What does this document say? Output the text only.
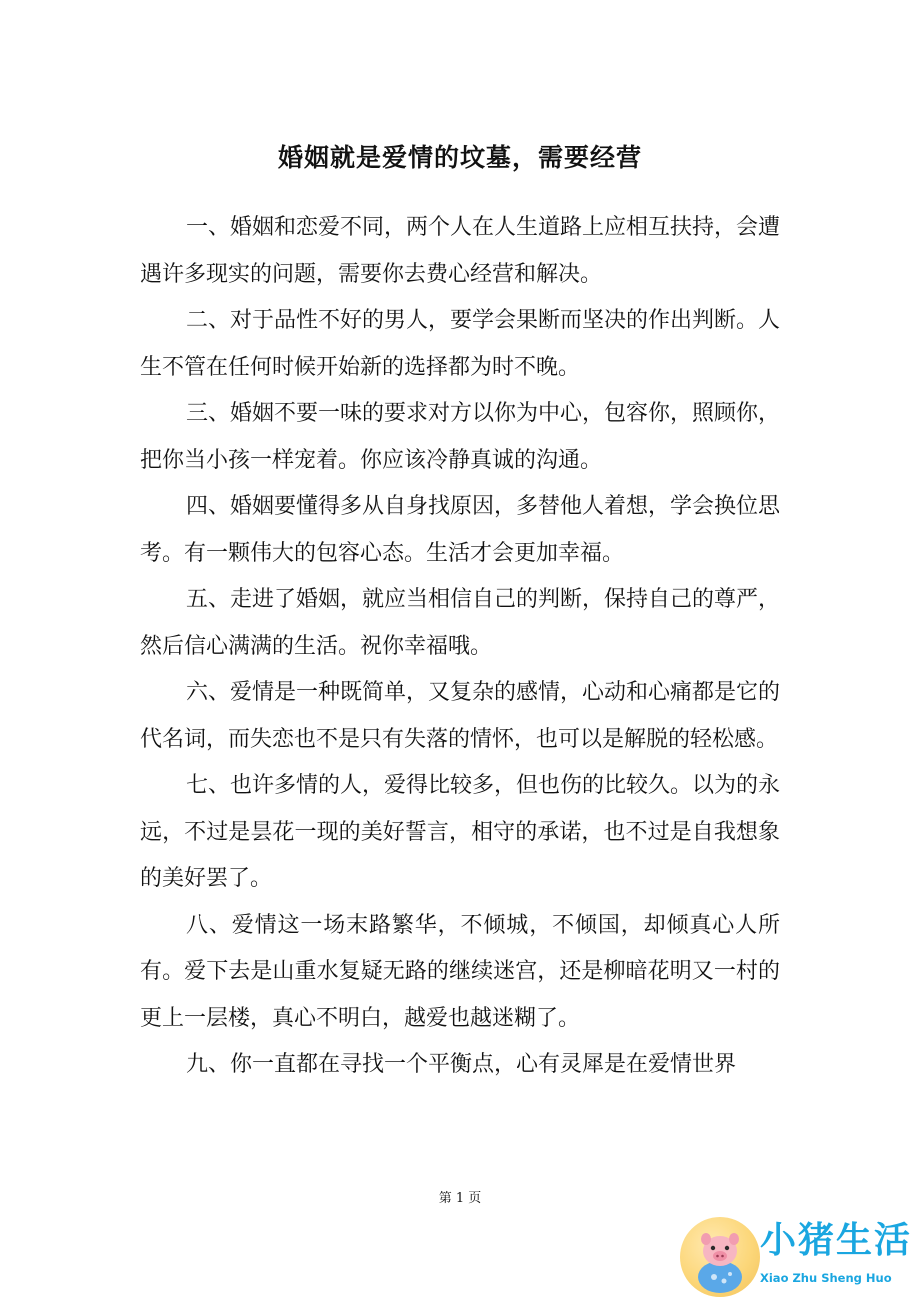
婚姻就是爱情的坟墓，需要经营

一、婚姻和恋爱不同，两个人在人生道路上应相互扶持，会遭遇许多现实的问题，需要你去费心经营和解决。

二、对于品性不好的男人，要学会果断而坚决的作出判断。人生不管在任何时候开始新的选择都为时不晚。

三、婚姻不要一味的要求对方以你为中心，包容你，照顾你，把你当小孩一样宠着。你应该冷静真诚的沟通。

四、婚姻要懂得多从自身找原因，多替他人着想，学会换位思考。有一颗伟大的包容心态。生活才会更加幸福。

五、走进了婚姻，就应当相信自己的判断，保持自己的尊严，然后信心满满的生活。祝你幸福哦。

六、爱情是一种既简单，又复杂的感情，心动和心痛都是它的代名词，而失恋也不是只有失落的情怀，也可以是解脱的轻松感。

七、也许多情的人，爱得比较多，但也伤的比较久。以为的永远，不过是昙花一现的美好誓言，相守的承诺，也不过是自我想象的美好罢了。

八、爱情这一场末路繁华，不倾城，不倾国，却倾真心人所有。爱下去是山重水复疑无路的继续迷宫，还是柳暗花明又一村的更上一层楼，真心不明白，越爱也越迷糊了。

九、你一直都在寻找一个平衡点，心有灵犀是在爱情世界

第 1 页
小猪生活
Xiao Zhu Sheng Huo
